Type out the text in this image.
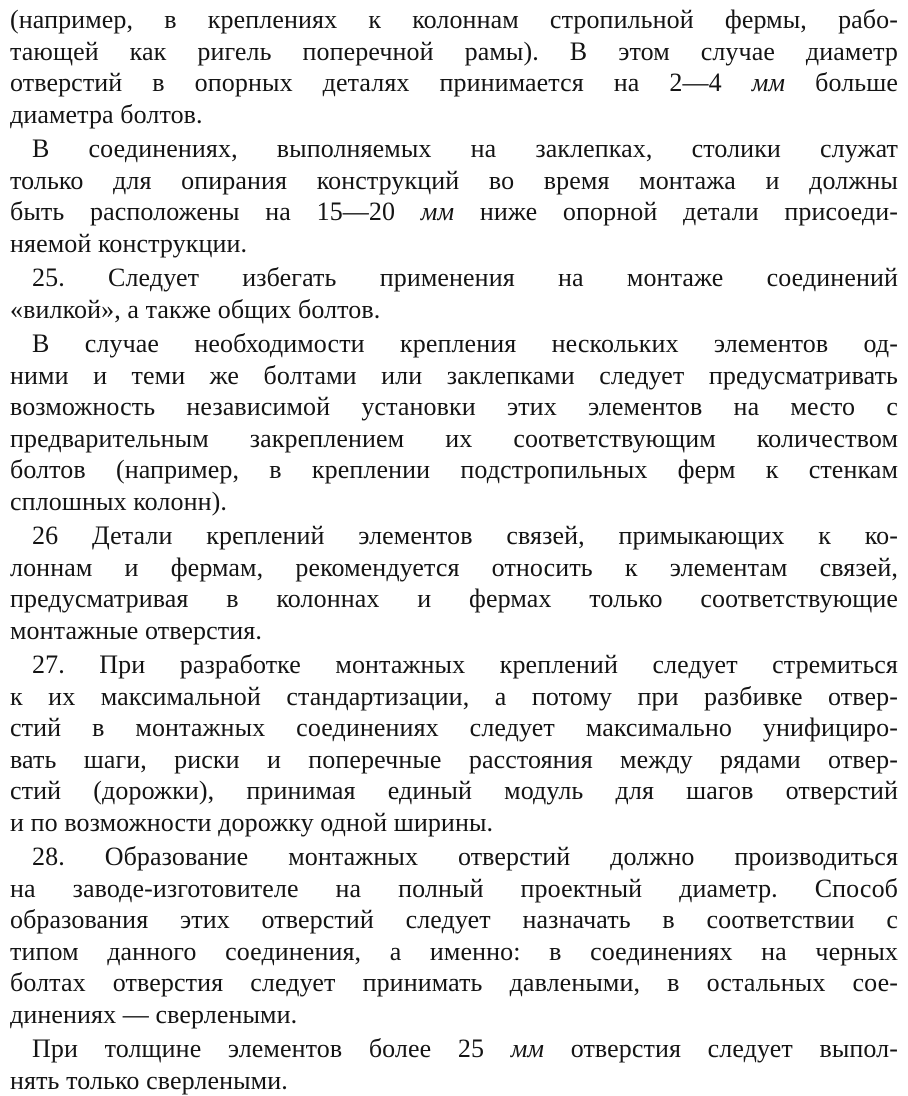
(например, в креплениях к колоннам стропильной фермы, рабо-
тающей как ригель поперечной рамы). В этом случае диаметр
отверстий в опорных деталях принимается на 2—4 мм больше
диаметра болтов.

В соединениях, выполняемых на заклепках, столики служат
только для опирания конструкций во время монтажа и должны
быть расположены на 15—20 мм ниже опорной детали присоеди-
няемой конструкции.

25. Следует избегать применения на монтаже соединений
«вилкой», а также общих болтов.

В случае необходимости крепления нескольких элементов од-
ними и теми же болтами или заклепками следует предусматривать
возможность независимой установки этих элементов на место с
предварительным закреплением их соответствующим количеством
болтов (например, в креплении подстропильных ферм к стенкам
сплошных колонн).

26 Детали креплений элементов связей, примыкающих к ко-
лоннам и фермам, рекомендуется относить к элементам связей,
предусматривая в колоннах и фермах только соответствующие
монтажные отверстия.

27. При разработке монтажных креплений следует стремиться
к их максимальной стандартизации, а потому при разбивке отвер-
стий в монтажных соединениях следует максимально унифициро-
вать шаги, риски и поперечные расстояния между рядами отвер-
стий (дорожки), принимая единый модуль для шагов отверстий
и по возможности дорожку одной ширины.

28. Образование монтажных отверстий должно производиться
на заводе-изготовителе на полный проектный диаметр. Способ
образования этих отверстий следует назначать в соответствии с
типом данного соединения, а именно: в соединениях на черных
болтах отверстия следует принимать давлеными, в остальных сое-
динениях — сверлеными.

При толщине элементов более 25 мм отверстия следует выпол-
нять только сверлеными.
